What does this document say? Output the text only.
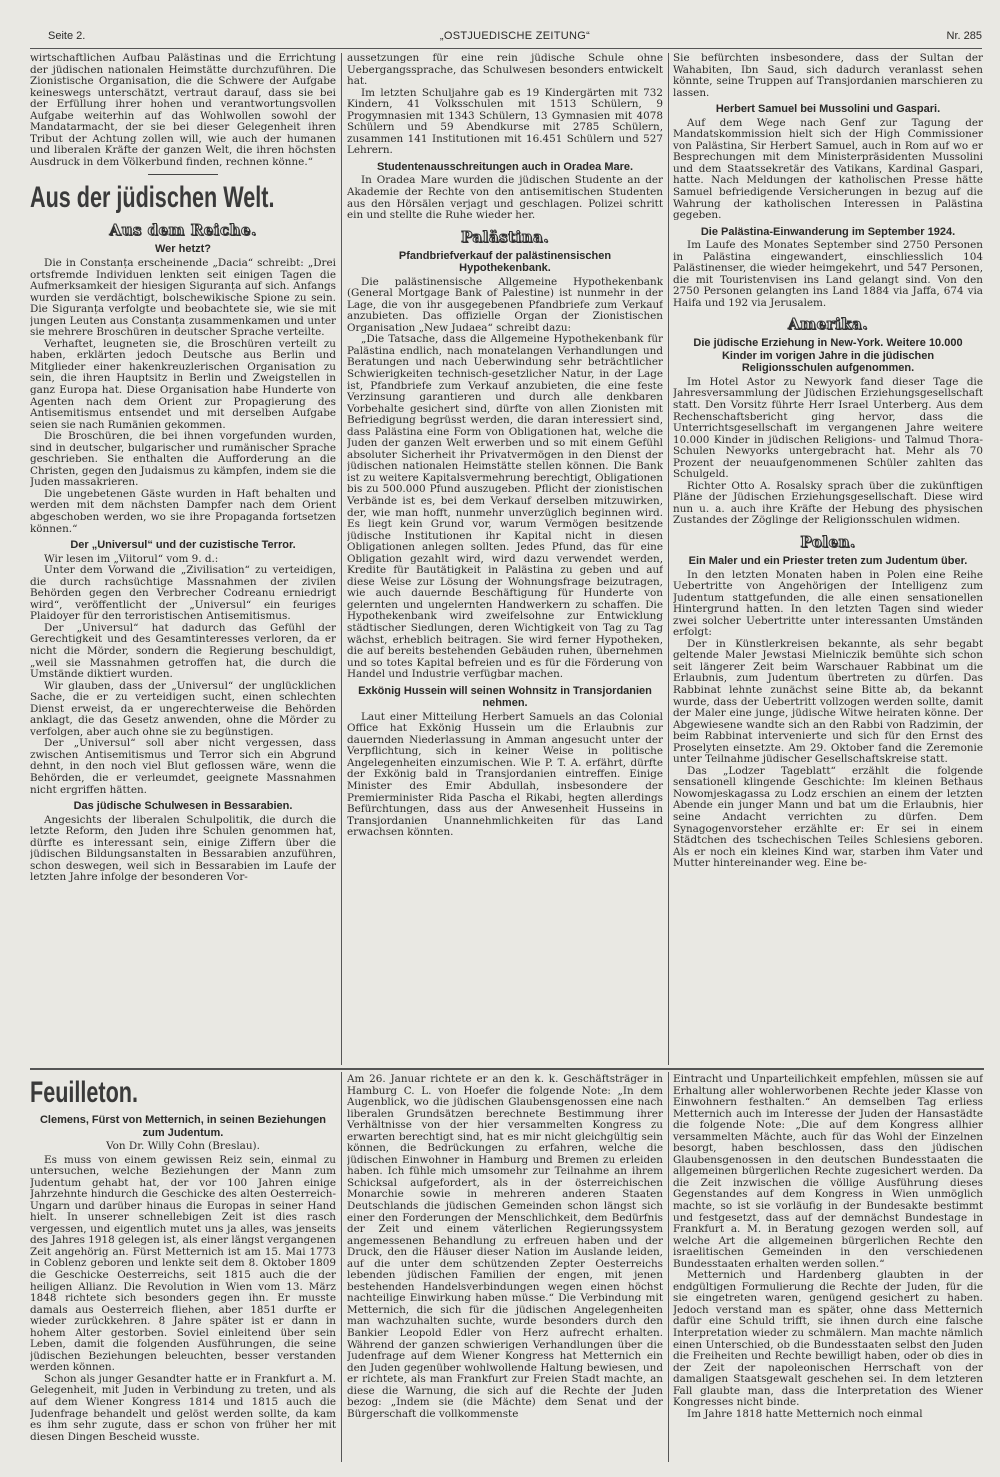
Seite 2.	„OSTJUEDISCHE ZEITUNG“	Nr. 285

wirtschaftlichen Aufbau Palästinas und die Errichtung der jüdischen nationalen Heimstätte durchzuführen. Die Zionistische Organisation, die die Schwere der Aufgabe keineswegs unterschätzt, vertraut darauf, dass sie bei der Erfüllung ihrer hohen und verantwortungsvollen Aufgabe weiterhin auf das Wohlwollen sowohl der Mandatarmacht, der sie bei dieser Gelegenheit ihren Tribut der Achtung zollen will, wie auch der humanen und liberalen Kräfte der ganzen Welt, die ihren höchsten Ausdruck in dem Völkerbund finden, rechnen könne.“

Aus der jüdischen Welt.
Aus dem Reiche.
Wer hetzt?

Die in Constanța erscheinende „Dacia“ schreibt: „Drei ortsfremde Individuen lenkten seit einigen Tagen die Aufmerksamkeit der hiesigen Siguranța auf sich. Anfangs wurden sie verdächtigt, bolschewikische Spione zu sein. Die Siguranța verfolgte und beobachtete sie, wie sie mit jungen Leuten aus Constanța zusammenkamen und unter sie mehrere Broschüren in deutscher Sprache verteilte.

Verhaftet, leugneten sie, die Broschüren verteilt zu haben, erklärten jedoch Deutsche aus Berlin und Mitglieder einer hakenkreuzlerischen Organisation zu sein, die ihren Hauptsitz in Berlin und Zweigstellen in ganz Europa hat. Diese Organisation habe Hunderte von Agenten nach dem Orient zur Propagierung des Antisemitismus entsendet und mit derselben Aufgabe seien sie nach Rumänien gekommen.

Die Broschüren, die bei ihnen vorgefunden wurden, sind in deutscher, bulgarischer und rumänischer Sprache geschrieben. Sie enthalten die Aufforderung an die Christen, gegen den Judaismus zu kämpfen, indem sie die Juden massakrieren.

Die ungebetenen Gäste wurden in Haft behalten und werden mit dem nächsten Dampfer nach dem Orient abgeschoben werden, wo sie ihre Propaganda fortsetzen können.“

Der „Universul“ und der cuzistische Terror.

Wir lesen im „Viitorul“ vom 9. d.:

Unter dem Vorwand die „Zivilisation“ zu verteidigen, die durch rachsüchtige Massnahmen der zivilen Behörden gegen den Verbrecher Codreanu erniedrigt wird“, veröffentlicht der „Universul“ ein feuriges Plaidoyer für den terroristischen Antisemitismus.

Der „Universul“ hat dadurch das Gefühl der Gerechtigkeit und des Gesamtinteresses verloren, da er nicht die Mörder, sondern die Regierung beschuldigt, „weil sie Massnahmen getroffen hat, die durch die Umstände diktiert wurden.

Wir glauben, dass der „Universul“ der unglücklichen Sache, die er zu verteidigen sucht, einen schlechten Dienst erweist, da er ungerechterweise die Behörden anklagt, die das Gesetz anwenden, ohne die Mörder zu verfolgen, aber auch ohne sie zu begünstigen.

Der „Universul“ soll aber nicht vergessen, dass zwischen Antisemitismus und Terror sich ein Abgrund dehnt, in den noch viel Blut geflossen wäre, wenn die Behörden, die er verleumdet, geeignete Massnahmen nicht ergriffen hätten.

Das jüdische Schulwesen in Bessarabien.

Angesichts der liberalen Schulpolitik, die durch die letzte Reform, den Juden ihre Schulen genommen hat, dürfte es interessant sein, einige Ziffern über die jüdischen Bildungsanstalten in Bessarabien anzuführen, schon deswegen, weil sich in Bessarabien im Laufe der letzten Jahre infolge der besonderen Vor-

aussetzungen für eine rein jüdische Schule ohne Uebergangssprache, das Schulwesen besonders entwickelt hat.

Im letzten Schuljahre gab es 19 Kindergärten mit 732 Kindern, 41 Volksschulen mit 1513 Schülern, 9 Progymnasien mit 1343 Schülern, 13 Gymnasien mit 4078 Schülern und 59 Abendkurse mit 2785 Schülern, zusammen 141 Institutionen mit 16.451 Schülern und 527 Lehrern.

Studentenausschreitungen auch in Oradea Mare.

In Oradea Mare wurden die jüdischen Studente an der Akademie der Rechte von den antisemitischen Studenten aus den Hörsälen verjagt und geschlagen. Polizei schritt ein und stellte die Ruhe wieder her.

Palästina.
Pfandbriefverkauf der palästinensischen Hypothekenbank.

Die palästinensische Allgemeine Hypothekenbank (General Mortgage Bank of Palestine) ist nunmehr in der Lage, die von ihr ausgegebenen Pfandbriefe zum Verkauf anzubieten. Das offizielle Organ der Zionistischen Organisation „New Judaea“ schreibt dazu:

„Die Tatsache, dass die Allgemeine Hypothekenbank für Palästina endlich, nach monatelangen Verhandlungen und Beratungen und nach Ueberwindung sehr beträchtlicher Schwierigkeiten technisch-gesetzlicher Natur, in der Lage ist, Pfandbriefe zum Verkauf anzubieten, die eine feste Verzinsung garantieren und durch alle denkbaren Vorbehalte gesichert sind, dürfte von allen Zionisten mit Befriedigung begrüsst werden, die daran interessiert sind, dass Palästina eine Form von Obligationen hat, welche die Juden der ganzen Welt erwerben und so mit einem Gefühl absoluter Sicherheit ihr Privatvermögen in den Dienst der jüdischen nationalen Heimstätte stellen können. Die Bank ist zu weitere Kapitalsvermehrung berechtigt, Obligationen bis zu 500.000 Pfund auszugeben. Pflicht der zionistischen Verbände ist es, bei dem Verkauf derselben mitzuwirken, der, wie man hofft, nunmehr unverzüglich beginnen wird. Es liegt kein Grund vor, warum Vermögen besitzende jüdische Institutionen ihr Kapital nicht in diesen Obligationen anlegen sollten. Jedes Pfund, das für eine Obligation gezahlt wird, wird dazu verwendet werden, Kredite für Bautätigkeit in Palästina zu geben und auf diese Weise zur Lösung der Wohnungsfrage beizutragen, wie auch dauernde Beschäftigung für Hunderte von gelernten und ungelernten Handwerkern zu schaffen. Die Hypothekenbank wird zweifelsohne zur Entwicklung städtischer Siedlungen, deren Wichtigkeit von Tag zu Tag wächst, erheblich beitragen. Sie wird ferner Hypotheken, die auf bereits bestehenden Gebäuden ruhen, übernehmen und so totes Kapital befreien und es für die Förderung von Handel und Industrie verfügbar machen.

Exkönig Hussein will seinen Wohnsitz in Transjordanien nehmen.

Laut einer Mitteilung Herbert Samuels an das Colonial Office hat Exkönig Hussein um die Erlaubnis zur dauernden Niederlassung in Amman angesucht unter der Verpflichtung, sich in keiner Weise in politische Angelegenheiten einzumischen. Wie P. T. A. erfährt, dürfte der Exkönig bald in Transjordanien eintreffen. Einige Minister des Emir Abdullah, insbesondere der Premierminister Rida Pascha el Rikabi, hegten allerdings Befürchtungen, dass aus der Anwesenheit Husseins in Transjordanien Unannehmlichkeiten für das Land erwachsen könnten.

Sie befürchten insbesondere, dass der Sultan der Wahabiten, Ibn Saud, sich dadurch veranlasst sehen könnte, seine Truppen auf Transjordanien marschieren zu lassen.

Herbert Samuel bei Mussolini und Gaspari.

Auf dem Wege nach Genf zur Tagung der Mandatskommission hielt sich der High Commissioner von Palästina, Sir Herbert Samuel, auch in Rom auf wo er Besprechungen mit dem Ministerpräsidenten Mussolini und dem Staatssekretär des Vatikans, Kardinal Gaspari, hatte. Nach Meldungen der katholischen Presse hätte Samuel befriedigende Versicherungen in bezug auf die Wahrung der katholischen Interessen in Palästina gegeben.

Die Palästina-Einwanderung im September 1924.

Im Laufe des Monates September sind 2750 Personen in Palästina eingewandert, einschliesslich 104 Palästinenser, die wieder heimgekehrt, und 547 Personen, die mit Touristenvisen ins Land gelangt sind. Von den 2750 Personen gelangten ins Land 1884 via Jaffa, 674 via Haifa und 192 via Jerusalem.

Amerika.
Die jüdische Erziehung in New-York. Weitere 10.000 Kinder im vorigen Jahre in die jüdischen Religionsschulen aufgenommen.

Im Hotel Astor zu Newyork fand dieser Tage die Jahresversammlung der Jüdischen Erziehungsgesellschaft statt. Den Vorsitz führte Herr Israel Unterberg. Aus dem Rechenschaftsbericht ging hervor, dass die Unterrichtsgesellschaft im vergangenen Jahre weitere 10.000 Kinder in jüdischen Religions- und Talmud Thora-Schulen Newyorks untergebracht hat. Mehr als 70 Prozent der neuaufgenommenen Schüler zahlten das Schulgeld.

Richter Otto A. Rosalsky sprach über die zukünftigen Pläne der Jüdischen Erziehungsgesellschaft. Diese wird nun u. a. auch ihre Kräfte der Hebung des physischen Zustandes der Zöglinge der Religionsschulen widmen.

Polen.
Ein Maler und ein Priester treten zum Judentum über.

In den letzten Monaten haben in Polen eine Reihe Uebertritte von Angehörigen der Intelligenz zum Judentum stattgefunden, die alle einen sensationellen Hintergrund hatten. In den letzten Tagen sind wieder zwei solcher Uebertritte unter interessanten Umständen erfolgt:

Der in Künstlerkreisen bekannte, als sehr begabt geltende Maler Jewstasi Mielniczik bemühte sich schon seit längerer Zeit beim Warschauer Rabbinat um die Erlaubnis, zum Judentum übertreten zu dürfen. Das Rabbinat lehnte zunächst seine Bitte ab, da bekannt wurde, dass der Uebertritt vollzogen werden sollte, damit der Maler eine junge, jüdische Witwe heiraten könne. Der Abgewiesene wandte sich an den Rabbi von Radzimin, der beim Rabbinat intervenierte und sich für den Ernst des Proselyten einsetzte. Am 29. Oktober fand die Zeremonie unter Teilnahme jüdischer Gesellschaftskreise statt.

Das „Lodzer Tageblatt“ erzählt die folgende sensationell klingende Geschichte: Im kleinen Bethaus Nowomjeskagassa zu Lodz erschien an einem der letzten Abende ein junger Mann und bat um die Erlaubnis, hier seine Andacht verrichten zu dürfen. Dem Synagogenvorsteher erzählte er: Er sei in einem Städtchen des tschechischen Teiles Schlesiens geboren. Als er noch ein kleines Kind war, starben ihm Vater und Mutter hintereinander weg. Eine be-

Feuilleton.
Clemens, Fürst von Metternich, in seinen Beziehungen zum Judentum.
Von Dr. Willy Cohn (Breslau).

Es muss von einem gewissen Reiz sein, einmal zu untersuchen, welche Beziehungen der Mann zum Judentum gehabt hat, der vor 100 Jahren einige Jahrzehnte hindurch die Geschicke des alten Oesterreich-Ungarn und darüber hinaus die Europas in seiner Hand hielt. In unserer schnellebigen Zeit ist dies rasch vergessen, und eigentlich mutet uns ja alles, was jenseits des Jahres 1918 gelegen ist, als einer längst vergangenen Zeit angehörig an. Fürst Metternich ist am 15. Mai 1773 in Coblenz geboren und lenkte seit dem 8. Oktober 1809 die Geschicke Oesterreichs, seit 1815 auch die der heiligen Allianz. Die Revolution in Wien vom 13. März 1848 richtete sich besonders gegen ihn. Er musste damals aus Oesterreich fliehen, aber 1851 durfte er wieder zurückkehren. 8 Jahre später ist er dann in hohem Alter gestorben. Soviel einleitend über sein Leben, damit die folgenden Ausführungen, die seine jüdischen Beziehungen beleuchten, besser verstanden werden können.

Schon als junger Gesandter hatte er in Frankfurt a. M. Gelegenheit, mit Juden in Verbindung zu treten, und als auf dem Wiener Kongress 1814 und 1815 auch die Judenfrage behandelt und gelöst werden sollte, da kam es ihm sehr zugute, dass er schon von früher her mit diesen Dingen Bescheid wusste.

Am 26. Januar richtete er an den k. k. Geschäftsträger in Hamburg C. L. von Hoefer die folgende Note: „In dem Augenblick, wo die jüdischen Glaubensgenossen eine nach liberalen Grundsätzen berechnete Bestimmung ihrer Verhältnisse von der hier versammelten Kongress zu erwarten berechtigt sind, hat es mir nicht gleichgültig sein können, die Bedrückungen zu erfahren, welche die jüdischen Einwohner in Hamburg und Bremen zu erleiden haben. Ich fühle mich umsomehr zur Teilnahme an ihrem Schicksal aufgefordert, als in der österreichischen Monarchie sowie in mehreren anderen Staaten Deutschlands die jüdischen Gemeinden schon längst sich einer den Forderungen der Menschlichkeit, dem Bedürfnis der Zeit und einem väterlichen Regierungssystem angemessenen Behandlung zu erfreuen haben und der Druck, den die Häuser dieser Nation im Auslande leiden, auf die unter dem schützenden Zepter Oesterreichs lebenden jüdischen Familien der engen, mit jenen bestehenden Handelsverbindungen wegen einen höchst nachteilige Einwirkung haben müsse.“ Die Verbindung mit Metternich, die sich für die jüdischen Angelegenheiten man wachzuhalten suchte, wurde besonders durch den Bankier Leopold Edler von Herz aufrecht erhalten. Während der ganzen schwierigen Verhandlungen über die Judenfrage auf dem Wiener Kongress hat Metternich ein den Juden gegenüber wohlwollende Haltung bewiesen, und er richtete, als man Frankfurt zur Freien Stadt machte, an diese die Warnung, die sich auf die Rechte der Juden bezog: „Indem sie (die Mächte) dem Senat und der Bürgerschaft die vollkommenste

Eintracht und Unparteilichkeit empfehlen, müssen sie auf Erhaltung aller wohlerworbenen Rechte jeder Klasse von Einwohnern festhalten.“ An demselben Tag erliess Metternich auch im Interesse der Juden der Hansastädte die folgende Note: „Die auf dem Kongress allhier versammelten Mächte, auch für das Wohl der Einzelnen besorgt, haben beschlossen, dass den jüdischen Glaubensgenossen in den deutschen Bundesstaaten die allgemeinen bürgerlichen Rechte zugesichert werden. Da die Zeit inzwischen die völlige Ausführung dieses Gegenstandes auf dem Kongress in Wien unmöglich machte, so ist sie vorläufig in der Bundesakte bestimmt und festgesetzt, dass auf der demnächst Bundestage in Frankfurt a. M. in Beratung gezogen werden soll, auf welche Art die allgemeinen bürgerlichen Rechte den israelitischen Gemeinden in den verschiedenen Bundesstaaten erhalten werden sollen.“

Metternich und Hardenberg glaubten in der endgültigen Formulierung die Rechte der Juden, für die sie eingetreten waren, genügend gesichert zu haben. Jedoch verstand man es später, ohne dass Metternich dafür eine Schuld trifft, sie ihnen durch eine falsche Interpretation wieder zu schmälern. Man machte nämlich einen Unterschied, ob die Bundesstaaten selbst den Juden die Freiheiten und Rechte bewilligt haben, oder ob dies in der Zeit der napoleonischen Herrschaft von der damaligen Staatsgewalt geschehen sei. In dem letzteren Fall glaubte man, dass die Interpretation des Wiener Kongresses nicht binde.

Im Jahre 1818 hatte Metternich noch einmal
